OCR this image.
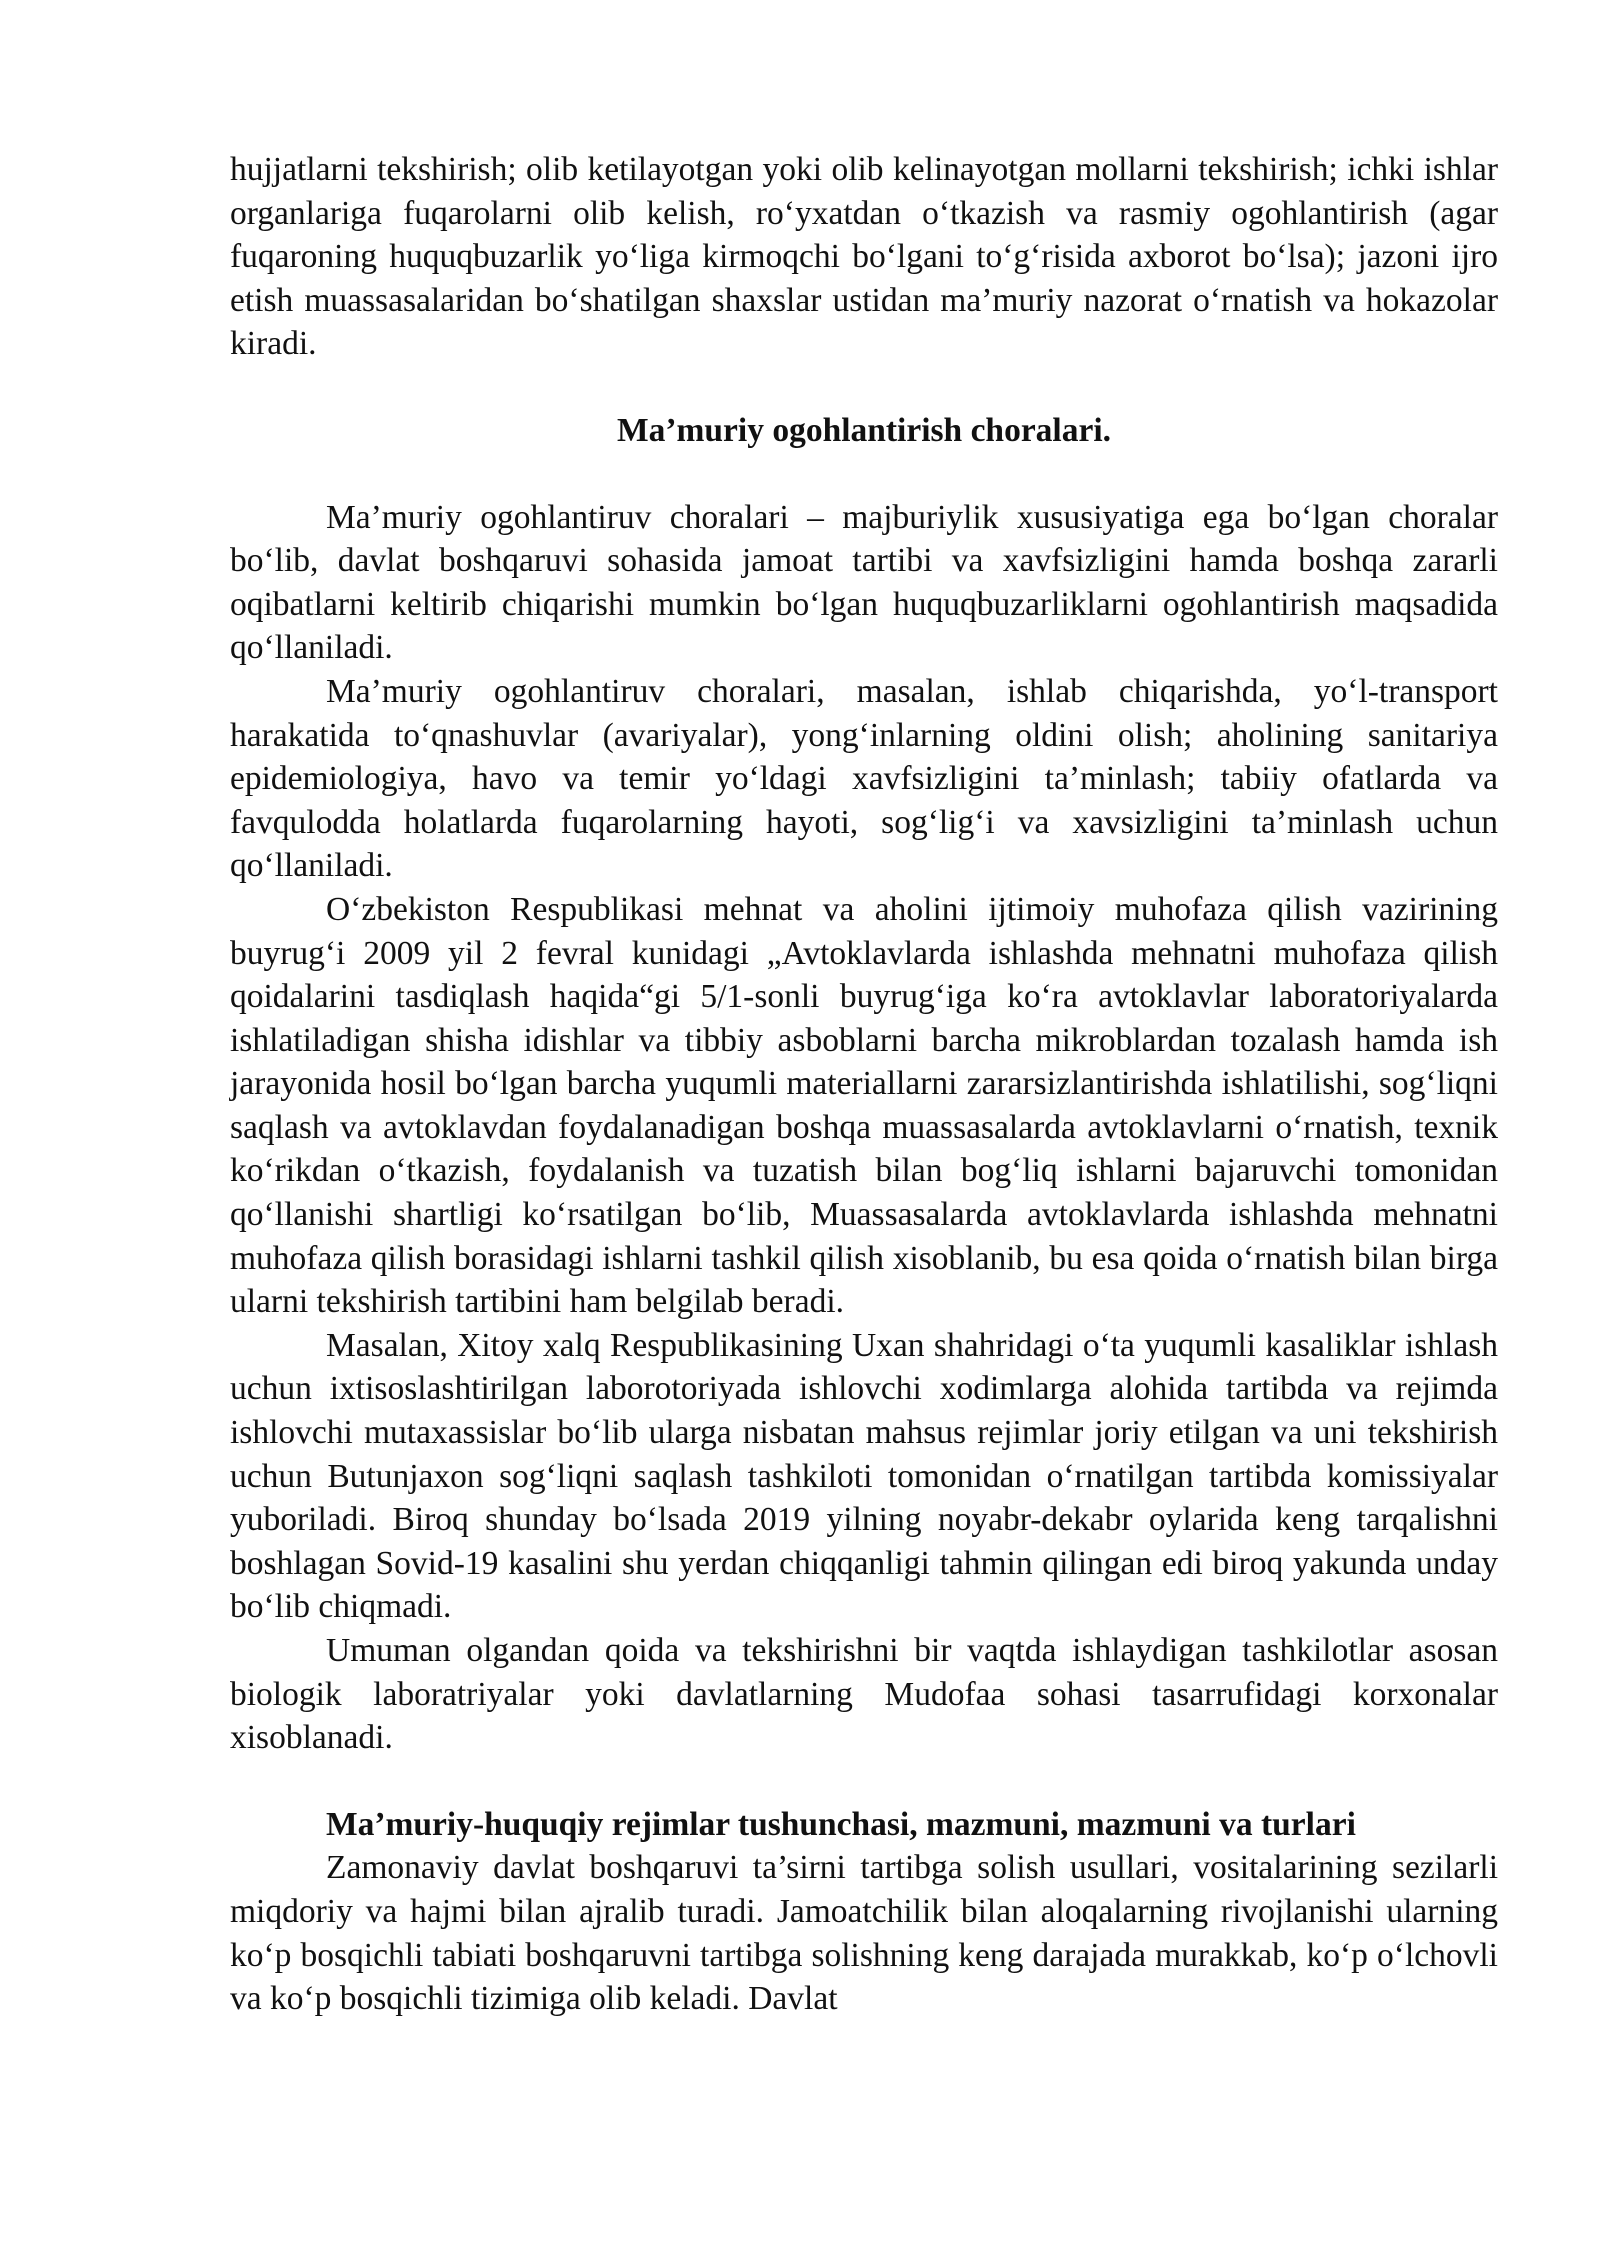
hujjatlarni tekshirish; olib ketilayotgan yoki olib kelinayotgan mollarni tekshirish; ichki ishlar organlariga fuqarolarni olib kelish, ro‘yxatdan o‘tkazish va rasmiy ogohlantirish (agar fuqaroning huquqbuzarlik yo‘liga kirmoqchi bo‘lgani to‘g‘risida axborot bo‘lsa); jazoni ijro etish muassasalaridan bo‘shatilgan shaxslar ustidan ma’muriy nazorat o‘rnatish va hokazolar kiradi.

Ma’muriy ogohlantirish choralari.

Ma’muriy ogohlantiruv choralari – majburiylik xususiyatiga ega bo‘lgan choralar bo‘lib, davlat boshqaruvi sohasida jamoat tartibi va xavfsizligini hamda boshqa zararli oqibatlarni keltirib chiqarishi mumkin bo‘lgan huquqbuzarliklarni ogohlantirish maqsadida qo‘llaniladi.

Ma’muriy ogohlantiruv choralari, masalan, ishlab chiqarishda, yo‘l-transport harakatida to‘qnashuvlar (avariyalar), yong‘inlarning oldini olish; aholining sanitariya epidemiologiya, havo va temir yo‘ldagi xavfsizligini ta’minlash; tabiiy ofatlarda va favqulodda holatlarda fuqarolarning hayoti, sog‘lig‘i va xavsizligini ta’minlash uchun qo‘llaniladi.

O‘zbekiston Respublikasi mehnat va aholini ijtimoiy muhofaza qilish vazirining buyrug‘i 2009 yil 2 fevral kunidagi „Avtoklavlarda ishlashda mehnatni muhofaza qilish qoidalarini tasdiqlash haqida“gi 5/1-sonli buyrug‘iga ko‘ra avtoklavlar laboratoriyalarda ishlatiladigan shisha idishlar va tibbiy asboblarni barcha mikroblardan tozalash hamda ish jarayonida hosil bo‘lgan barcha yuqumli materiallarni zararsizlantirishda ishlatilishi, sog‘liqni saqlash va avtoklavdan foydalanadigan boshqa muassasalarda avtoklavlarni o‘rnatish, texnik ko‘rikdan o‘tkazish, foydalanish va tuzatish bilan bog‘liq ishlarni bajaruvchi tomonidan qo‘llanishi shartligi ko‘rsatilgan bo‘lib, Muassasalarda avtoklavlarda ishlashda mehnatni muhofaza qilish borasidagi ishlarni tashkil qilish xisoblanib, bu esa qoida o‘rnatish bilan birga ularni tekshirish tartibini ham belgilab beradi.

Masalan, Xitoy xalq Respublikasining Uxan shahridagi o‘ta yuqumli kasaliklar ishlash uchun ixtisoslashtirilgan laborotoriyada ishlovchi xodimlarga alohida tartibda va rejimda ishlovchi mutaxassislar bo‘lib ularga nisbatan mahsus rejimlar joriy etilgan va uni tekshirish uchun Butunjaxon sog‘liqni saqlash tashkiloti tomonidan o‘rnatilgan tartibda komissiyalar yuboriladi. Biroq shunday bo‘lsada 2019 yilning noyabr-dekabr oylarida keng tarqalishni boshlagan Sovid-19 kasalini shu yerdan chiqqanligi tahmin qilingan edi biroq yakunda unday bo‘lib chiqmadi.

Umuman olgandan qoida va tekshirishni bir vaqtda ishlaydigan tashkilotlar asosan biologik laboratriyalar yoki davlatlarning Mudofaa sohasi tasarrufidagi korxonalar xisoblanadi.

Ma’muriy-huquqiy rejimlar tushunchasi, mazmuni, mazmuni va turlari

Zamonaviy davlat boshqaruvi ta’sirni tartibga solish usullari, vositalarining sezilarli miqdoriy va hajmi bilan ajralib turadi. Jamoatchilik bilan aloqalarning rivojlanishi ularning ko‘p bosqichli tabiati boshqaruvni tartibga solishning keng darajada murakkab, ko‘p o‘lchovli va ko‘p bosqichli tizimiga olib keladi. Davlat
